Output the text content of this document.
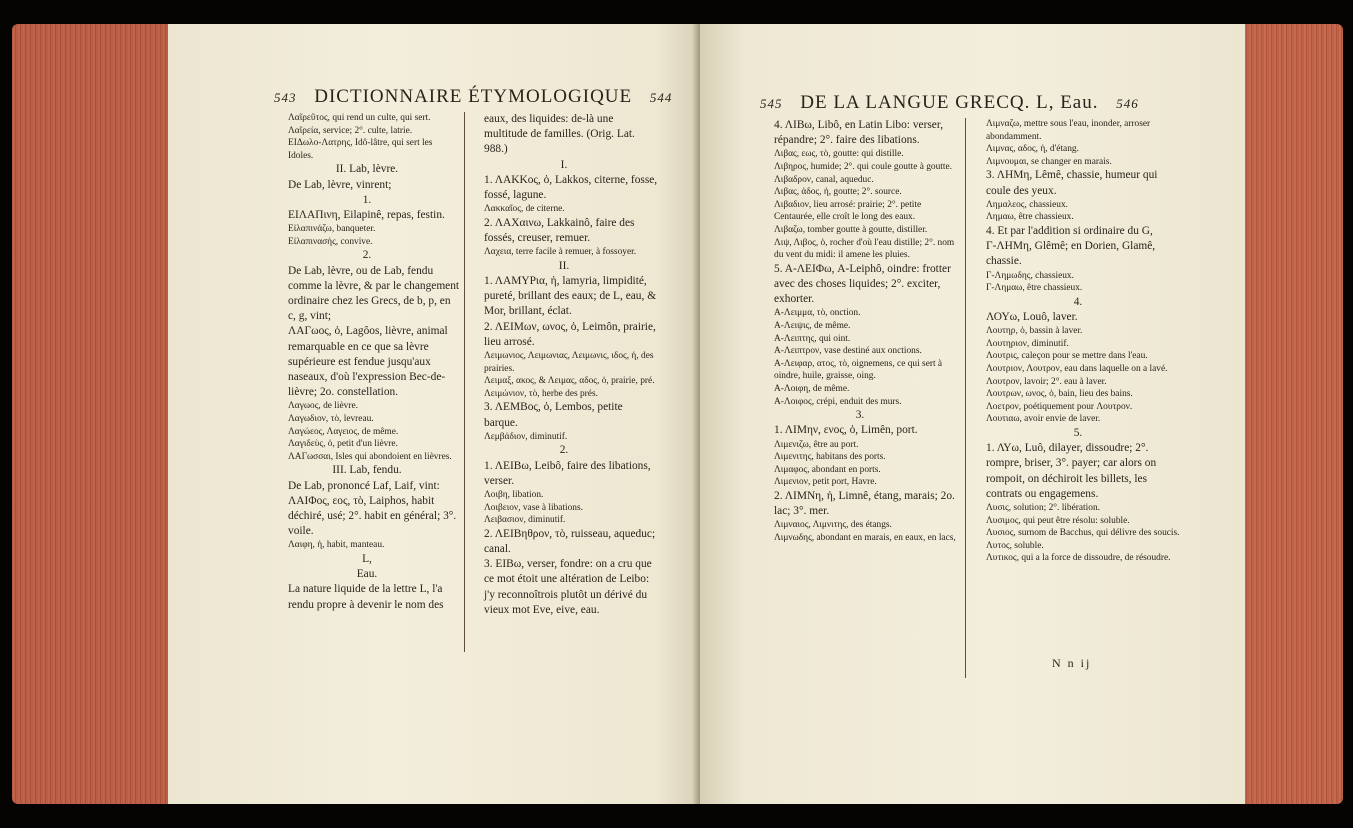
543 DICTIONNAIRE ÉTYMOLOGIQUE 544

Λαῖρεῦτος, qui rend un culte, qui sert.

Λαῖρεία, service; 2°. culte, latrie.

ΕΙΔωλο-Λατρης, Idô-lâtre, qui sert les Idoles.

II. Lab, lèvre.

De Lab, lèvre, vinrent;

1.

ΕΙΛΑΠινη, Eilapinê, repas, festin.

Εἰλαπινάζω, banqueter.

Εἰλαπινασής, convive.

2.

De Lab, lèvre, ou de Lab, fendu comme la lèvre, & par le changement ordinaire chez les Grecs, de b, p, en c, g, vint;

ΛΑΓωος, ὁ, Lagôos, lièvre, animal remarquable en ce que sa lèvre supérieure est fendue jusqu'aux naseaux, d'où l'expression Bec-de-lièvre; 2o. constellation.

Λαγωος, de lièvre.

Λαγωδιον, τὸ, levreau.

Λαγώεος, Λαγειος, de même.

Λαγιδεὺς, ὁ, petit d'un lièvre.

ΛΑΓωσσαι, Isles qui abondoient en lièvres.

III. Lab, fendu.

De Lab, prononcé Laf, Laif, vint:

ΛΑΙΦος, εος, τὸ, Laiphos, habit déchiré, usé; 2°. habit en général; 3°. voile.

Λαιφη, ἡ, habit, manteau.

L,

Eau.

La nature liquide de la lettre L, l'a rendu propre à devenir le nom des

eaux, des liquides: de-là une multitude de familles. (Orig. Lat. 988.)

I.

1. ΛΑΚΚος, ὁ, Lakkos, citerne, fosse, fossé, lagune.

Λακκαῖος, de citerne.

2. ΛΑΧαινω, Lakkainô, faire des fossés, creuser, remuer.

Λαχεια, terre facile à remuer, à fossoyer.

II.

1. ΛΑΜΥΡια, ἡ, lamyria, limpidité, pureté, brillant des eaux; de L, eau, & Mor, brillant, éclat.

2. ΛΕΙΜων, ωνος, ὁ, Leimôn, prairie, lieu arrosé.

Λειμωνιος, Λειμωνιας, Λειμωνις, ιδος, ἡ, des prairies.

Λειμαξ, ακος, & Λειμας, αδος, ὁ, prairie, pré.

Λειμώνιον, τὸ, herbe des prés.

3. ΛΕΜΒος, ὁ, Lembos, petite barque.

Λεμβάδιον, diminutif.

2.

1. ΛΕΙΒω, Leibô, faire des libations, verser.

Λοιβη, libation.

Λοιβειον, vase à libations.

Λειβασιον, diminutif.

2. ΛΕΙΒηθρον, τὸ, ruisseau, aqueduc; canal.

3. ΕΙΒω, verser, fondre: on a cru que ce mot étoit une altération de Leibo: j'y reconnoîtrois plutôt un dérivé du vieux mot Eve, eive, eau.

545 DE LA LANGUE GRECQ. L, Eau. 546

4. ΛΙΒω, Libô, en Latin Libo: verser, répandre; 2°. faire des libations.

Λιβας, εως, τὸ, goutte: qui distille.

Λιβηρος, humide; 2°. qui coule goutte à goutte.

Λιβαδρον, canal, aqueduc.

Λιβας, ἀδος, ἡ, goutte; 2°. source.

Λιβαδιον, lieu arrosé: prairie; 2°. petite Centaurée, elle croît le long des eaux.

Λιβαζω, tomber goutte à goutte, distiller.

Λιψ, Λιβος, ὁ, rocher d'où l'eau distille; 2°. nom du vent du midi: il amene les pluies.

5. Α-ΛΕΙΦω, A-Leiphô, oindre: frotter avec des choses liquides; 2°. exciter, exhorter.

Α-Λειμμα, τὸ, onction.

Α-Λειψις, de même.

Α-Λειπτης, qui oint.

Α-Λειπτρον, vase destiné aux onctions.

Α-Λειφαρ, ατος, τὸ, oignemens, ce qui sert à oindre, huile, graisse, oing.

Α-Λοιφη, de même.

Α-Λοιφος, crépi, enduit des murs.

3.

1. ΛΙΜην, ενος, ὁ, Limên, port.

Λιμενιζω, être au port.

Λιμενιτης, habitans des ports.

Λιμαφος, abondant en ports.

Λιμενιον, petit port, Havre.

2. ΛΙΜΝη, ἡ, Limnê, étang, marais; 2o. lac; 3°. mer.

Λιμναιος, Λιμνιτης, des étangs.

Λιμνωδης, abondant en marais, en eaux, en lacs,

Λιμναζω, mettre sous l'eau, inonder, arroser abondamment.

Λιμνας, αδος, ἡ, d'étang.

Λιμνουμαι, se changer en marais.

3. ΛΗΜη, Lêmê, chassie, humeur qui coule des yeux.

Λημαλεος, chassieux.

Λημαω, être chassieux.

4. Et par l'addition si ordinaire du G,

Γ-ΛΗΜη, Glêmê; en Dorien, Glamê, chassie.

Γ-Λημωδης, chassieux.

Γ-Λημαω, être chassieux.

4.

ΛΟΥω, Louô, laver.

Λουτηρ, ὁ, bassin à laver.

Λουτηριον, diminutif.

Λουτρις, caleçon pour se mettre dans l'eau.

Λουτριον, Λουτρον, eau dans laquelle on a lavé.

Λουτρον, lavoir; 2°. eau à laver.

Λουτρων, ωνος, ὁ, bain, lieu des bains.

Λοετρον, poétiquement pour Λουτρον.

Λουτιαω, avoir envie de laver.

5.

1. ΛΥω, Luô, dilayer, dissoudre; 2°. rompre, briser, 3°. payer; car alors on rompoit, on déchiroit les billets, les contrats ou engagemens.

Λυσις, solution; 2°. libération.

Λυσιμος, qui peut être résolu: soluble.

Λυσιος, surnom de Bacchus, qui délivre des soucis.

Λυτος, soluble.

Λυτικος, qui a la force de dissoudre, de résoudre.

N n ij
